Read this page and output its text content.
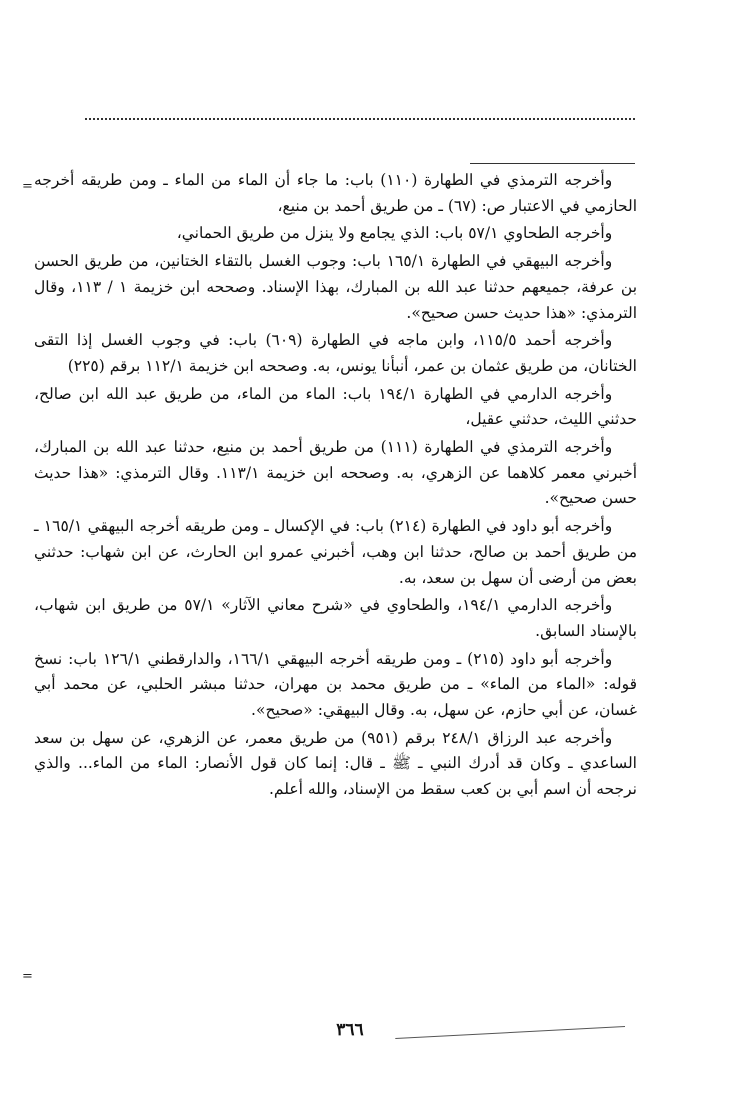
=
=

وأخرجه الترمذي في الطهارة (١١٠) باب: ما جاء أن الماء من الماء ـ ومن طريقه أخرجه الحازمي في الاعتبار ص: (٦٧) ـ من طريق أحمد بن منيع،

وأخرجه الطحاوي ٥٧/١ باب: الذي يجامع ولا ينزل من طريق الحماني،

وأخرجه البيهقي في الطهارة ١٦٥/١ باب: وجوب الغسل بالتقاء الختانين، من طريق الحسن بن عرفة، جميعهم حدثنا عبد الله بن المبارك، بهذا الإسناد. وصححه ابن خزيمة ١ / ١١٣، وقال الترمذي: «هذا حديث حسن صحيح».

وأخرجه أحمد ١١٥/٥، وابن ماجه في الطهارة (٦٠٩) باب: في وجوب الغسل إذا التقى الختانان، من طريق عثمان بن عمر، أنبأنا يونس، به. وصححه ابن خزيمة ١١٢/١ برقم (٢٢٥)

وأخرجه الدارمي في الطهارة ١٩٤/١ باب: الماء من الماء، من طريق عبد الله ابن صالح، حدثني الليث، حدثني عقيل،

وأخرجه الترمذي في الطهارة (١١١) من طريق أحمد بن منيع، حدثنا عبد الله بن المبارك، أخبرني معمر كلاهما عن الزهري، به. وصححه ابن خزيمة ١١٣/١. وقال الترمذي: «هذا حديث حسن صحيح».

وأخرجه أبو داود في الطهارة (٢١٤) باب: في الإكسال ـ ومن طريقه أخرجه البيهقي ١٦٥/١ ـ من طريق أحمد بن صالح، حدثنا ابن وهب، أخبرني عمرو ابن الحارث، عن ابن شهاب: حدثني بعض من أرضى أن سهل بن سعد، به.

وأخرجه الدارمي ١٩٤/١، والطحاوي في «شرح معاني الآثار» ٥٧/١ من طريق ابن شهاب، بالإسناد السابق.

وأخرجه أبو داود (٢١٥) ـ ومن طريقه أخرجه البيهقي ١٦٦/١، والدارقطني ١٢٦/١ باب: نسخ قوله: «الماء من الماء» ـ من طريق محمد بن مهران، حدثنا مبشر الحلبي، عن محمد أبي غسان، عن أبي حازم، عن سهل، به. وقال البيهقي: «صحيح».

وأخرجه عبد الرزاق ٢٤٨/١ برقم (٩٥١) من طريق معمر، عن الزهري، عن سهل بن سعد الساعدي ـ وكان قد أدرك النبي ـ ﷺ ـ قال: إنما كان قول الأنصار: الماء من الماء... والذي نرجحه أن اسم أبي بن كعب سقط من الإسناد، والله أعلم.

٣٦٦
